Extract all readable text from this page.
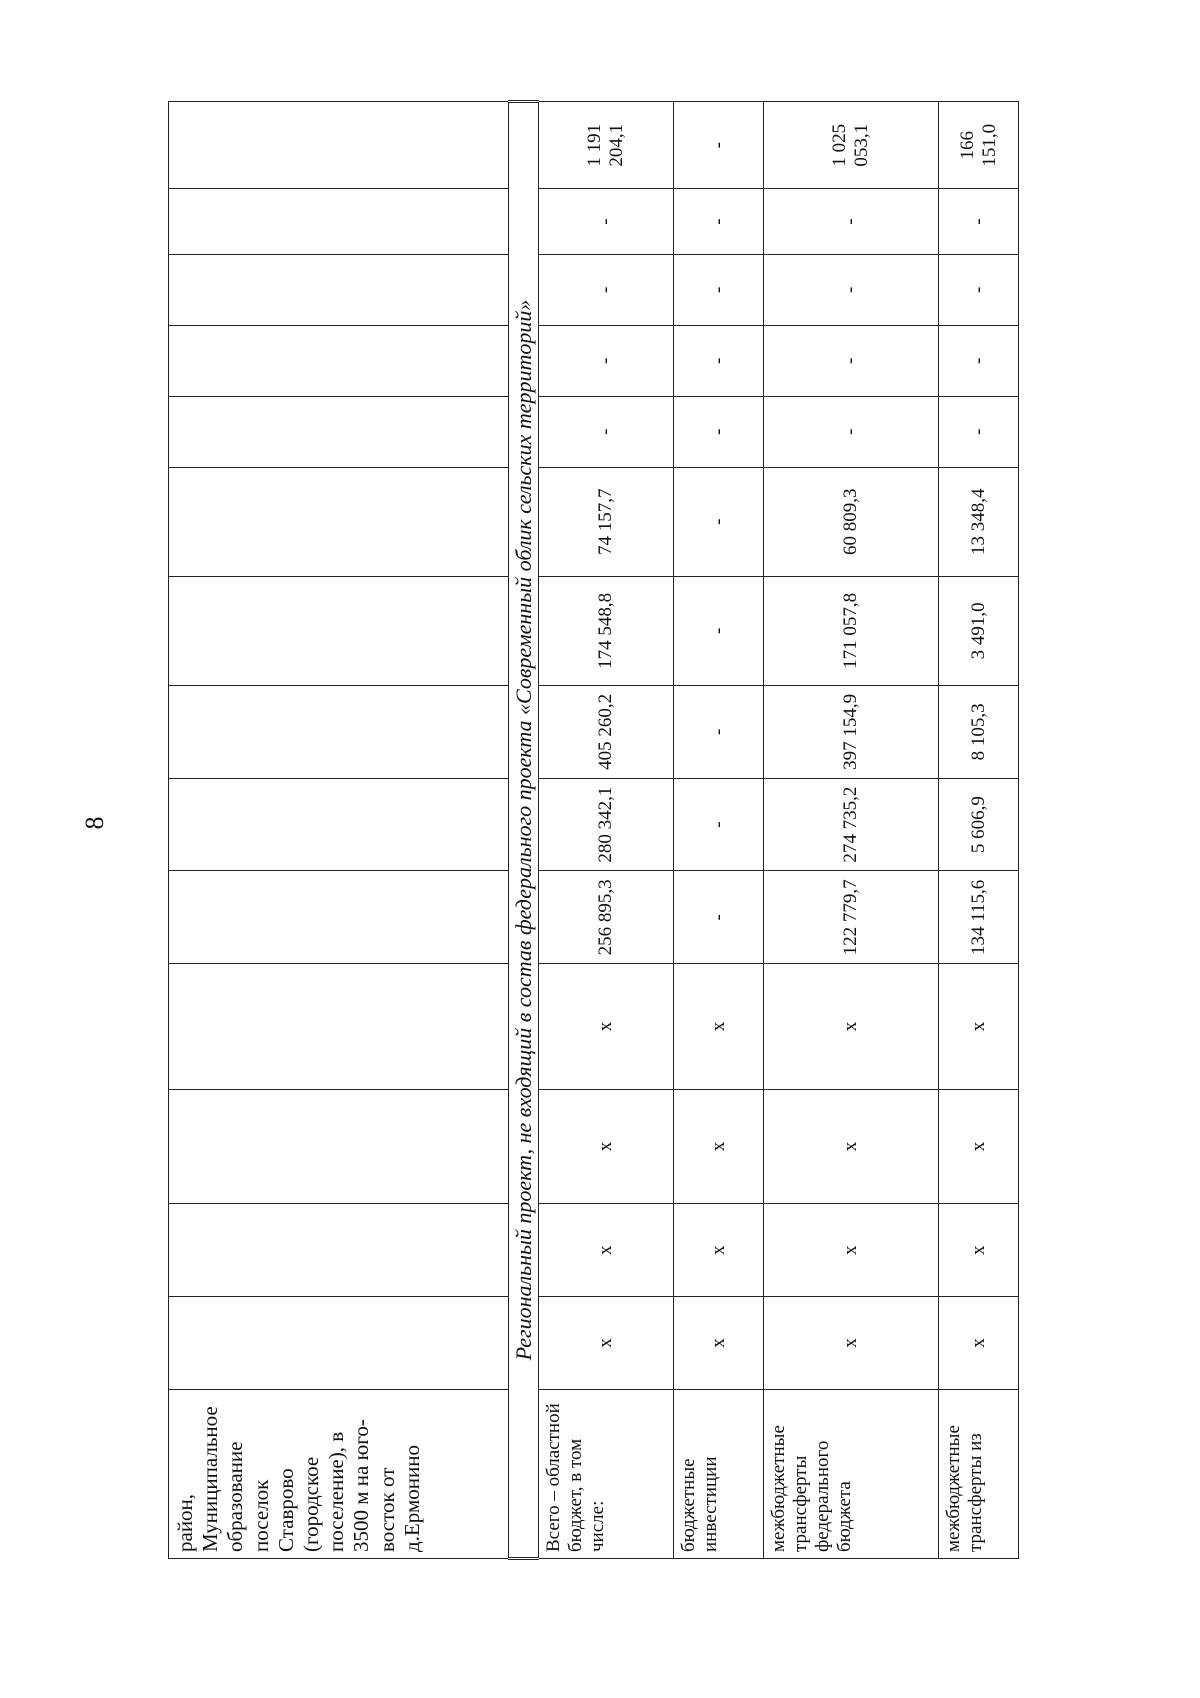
8
район, Муниципальное образование поселок Ставрово (городское поселение), в 3500 м на юго-восток от д.Ермонино														
Региональный проект, не входящий в состав федерального проекта «Современный облик сельских территорий»														
Всего – областной бюджет, в том числе:	х	х	х	х	256 895,3	280 342,1	405 260,2	174 548,8	74 157,7	-	-	-	-	1 191 204,1
бюджетные инвестиции	х	х	х	х	-	-	-	-	-	-	-	-	-	-
межбюджетные трансферты федерального бюджета	х	х	х	х	122 779,7	274 735,2	397 154,9	171 057,8	60 809,3	-	-	-	-	1 025 053,1
межбюджетные трансферты из	х	х	х	х	134 115,6	5 606,9	8 105,3	3 491,0	13 348,4	-	-	-	-	166 151,0
